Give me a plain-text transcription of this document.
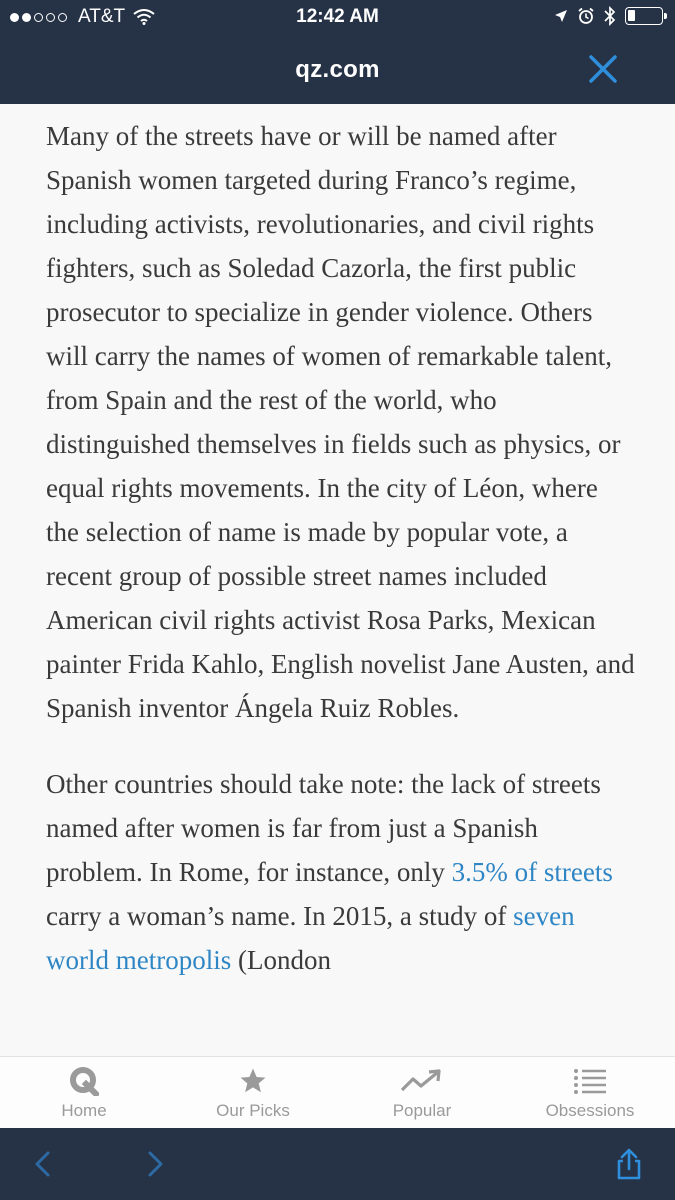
AT&T	12:42 AM
qz.com

Many of the streets have or will be named after Spanish women targeted during Franco’s regime, including activists, revolutionaries, and civil rights fighters, such as Soledad Cazorla, the first public prosecutor to specialize in gender violence. Others will carry the names of women of remarkable talent, from Spain and the rest of the world, who distinguished themselves in fields such as physics, or equal rights movements. In the city of Léon, where the selection of name is made by popular vote, a recent group of possible street names included American civil rights activist Rosa Parks, Mexican painter Frida Kahlo, English novelist Jane Austen, and Spanish inventor Ángela Ruiz Robles.

Other countries should take note: the lack of streets named after women is far from just a Spanish problem. In Rome, for instance, only 3.5% of streets carry a woman’s name. In 2015, a study of seven world metropolis (London

Home	Our Picks	Popular	Obsessions
